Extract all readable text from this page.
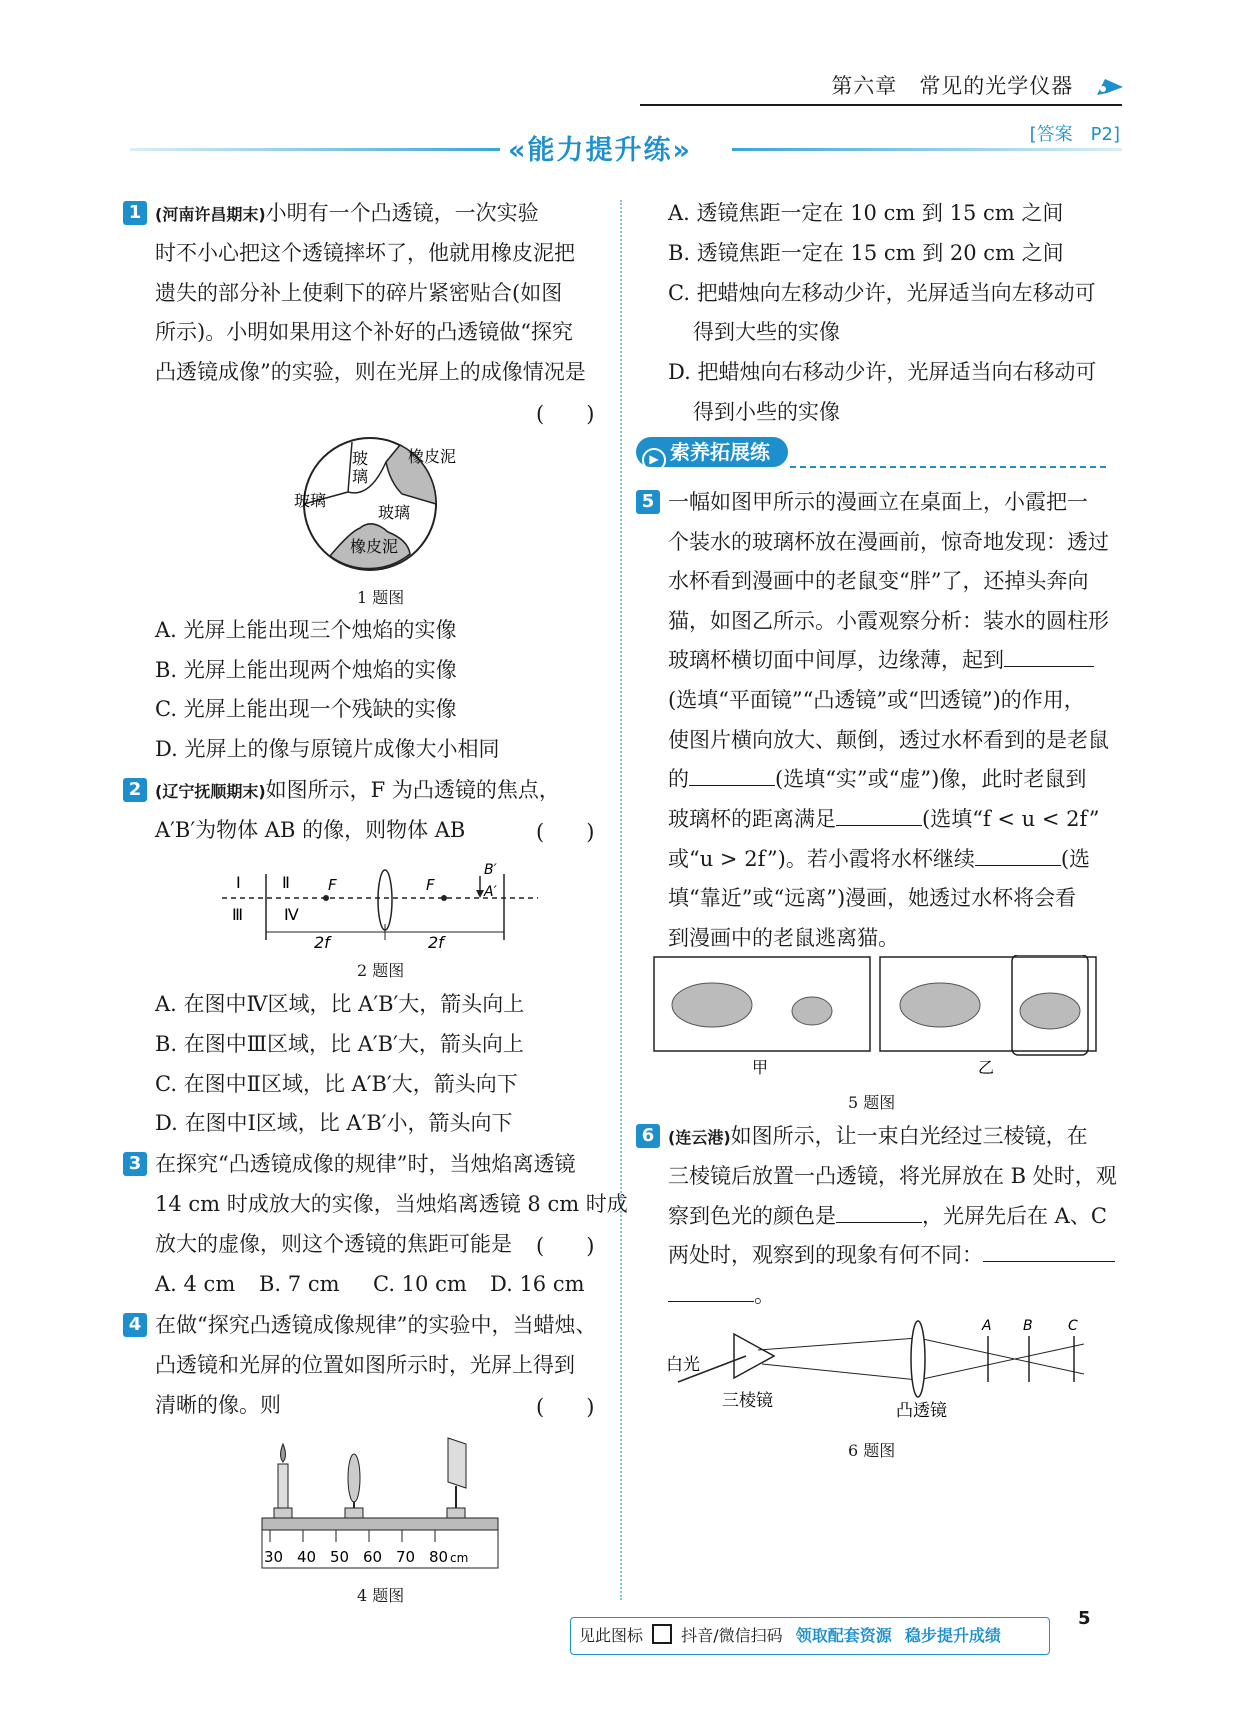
第六章 常见的光学仪器
«能力提升练»
[答案　P2]
1 (河南许昌期末)小明有一个凸透镜，一次实验
时不小心把这个透镜摔坏了，他就用橡皮泥把
遗失的部分补上使剩下的碎片紧密贴合(如图
所示)。小明如果用这个补好的凸透镜做“探究
凸透镜成像”的实验，则在光屏上的成像情况是
(　　)
玻璃
玻
璃
玻璃
橡皮泥
橡皮泥
1 题图
A. 光屏上能出现三个烛焰的实像
B. 光屏上能出现两个烛焰的实像
C. 光屏上能出现一个残缺的实像
D. 光屏上的像与原镜片成像大小相同
2 (辽宁抚顺期末)如图所示，F 为凸透镜的焦点，
A′B′为物体 AB 的像，则物体 AB	(　　)
Ⅰ	Ⅱ
Ⅲ	Ⅳ
F	F
2f	2f
B′
A′
2 题图
A. 在图中Ⅳ区域，比 A′B′大，箭头向上
B. 在图中Ⅲ区域，比 A′B′大，箭头向上
C. 在图中Ⅱ区域，比 A′B′大，箭头向下
D. 在图中Ⅰ区域，比 A′B′小，箭头向下
3 在探究“凸透镜成像的规律”时，当烛焰离透镜
14 cm 时成放大的实像，当烛焰离透镜 8 cm 时成
放大的虚像，则这个透镜的焦距可能是 (　　)
A. 4 cm B. 7 cm C. 10 cm D. 16 cm
4 在做“探究凸透镜成像规律”的实验中，当蜡烛、
凸透镜和光屏的位置如图所示时，光屏上得到
清晰的像。则	(　　)
30 40 50 60 70 80 cm
4 题图
A. 透镜焦距一定在 10 cm 到 15 cm 之间
B. 透镜焦距一定在 15 cm 到 20 cm 之间
C. 把蜡烛向左移动少许，光屏适当向左移动可
得到大些的实像
D. 把蜡烛向右移动少许，光屏适当向右移动可
得到小些的实像
▶ 索养拓展练
5 一幅如图甲所示的漫画立在桌面上，小霞把一
个装水的玻璃杯放在漫画前，惊奇地发现：透过
水杯看到漫画中的老鼠变“胖”了，还掉头奔向
猫，如图乙所示。小霞观察分析：装水的圆柱形
玻璃杯横切面中间厚，边缘薄，起到
(选填“平面镜”“凸透镜”或“凹透镜”)的作用，
使图片横向放大、颠倒，透过水杯看到的是老鼠
的	(选填“实”或“虚”)像，此时老鼠到
玻璃杯的距离满足	(选填“f < u < 2f”
或“u > 2f”)。若小霞将水杯继续	(选
填“靠近”或“远离”)漫画，她透过水杯将会看
到漫画中的老鼠逃离猫。
甲	乙
5 题图
6 (连云港)如图所示，让一束白光经过三棱镜，在
三棱镜后放置一凸透镜，将光屏放在 B 处时，观
察到色光的颜色是	，光屏先后在 A、C
两处时，观察到的现象有何不同：
。
白光
三棱镜	凸透镜
A B	C
6 题图
见此图标 抖音/微信扫码 领取配套资源 稳步提升成绩
5
